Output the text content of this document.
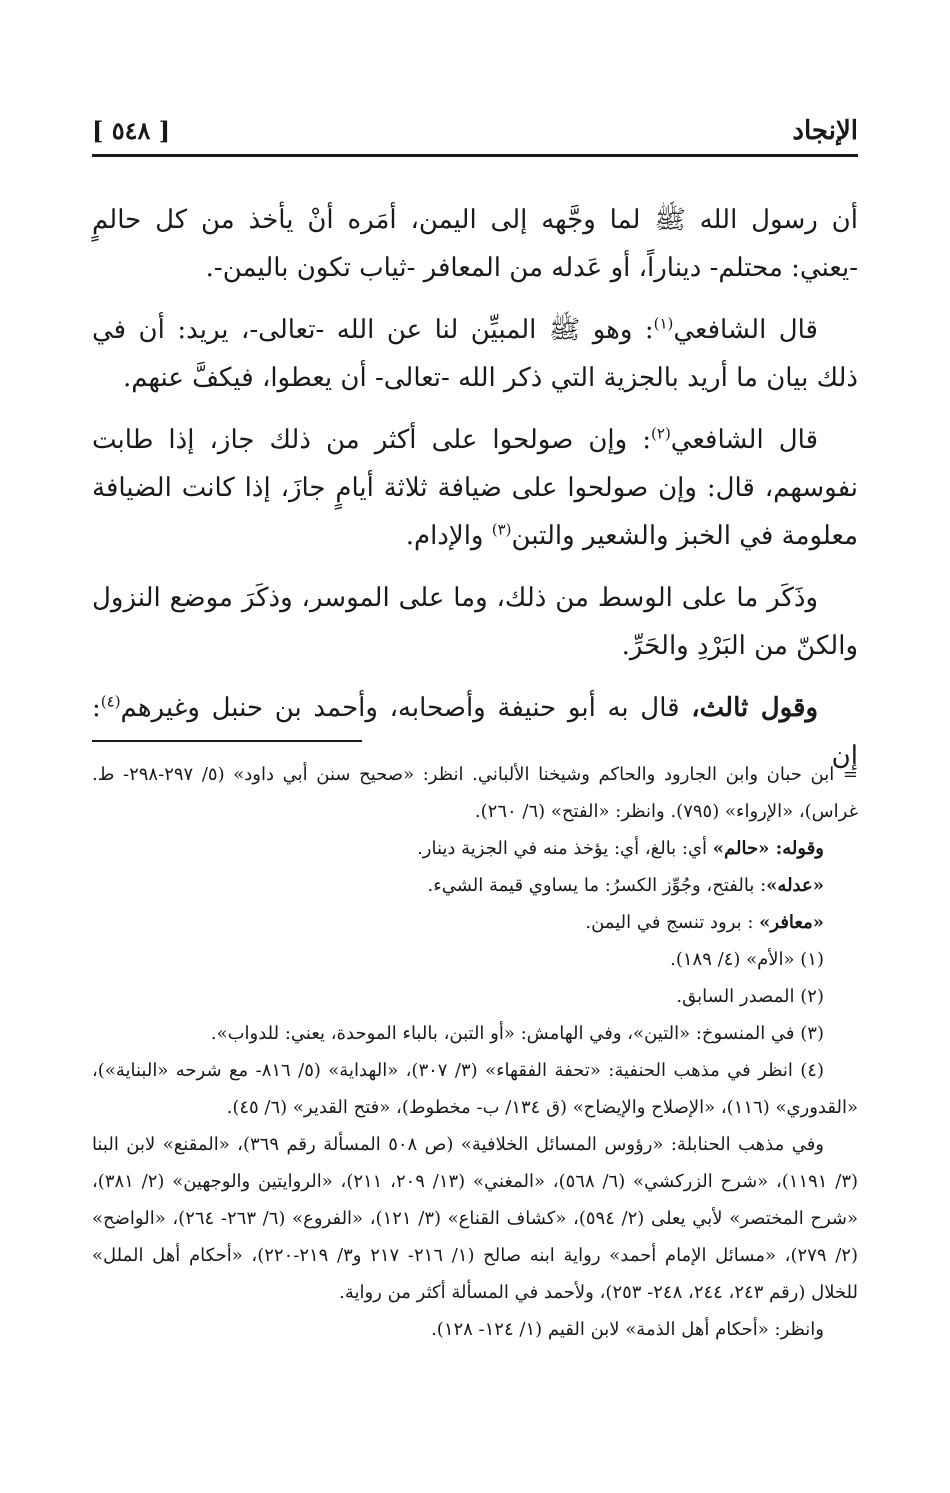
الإنجاد
[ ٥٤٨ ]

أن رسول الله ﷺ لما وجَّهه إلى اليمن، أمَره أنْ يأخذ من كل حالمٍ -يعني: محتلم- ديناراً، أو عَدله من المعافر -ثياب تكون باليمن-.

قال الشافعي$^{(١)}$: وهو ﷺ المبيِّن لنا عن الله -تعالى-، يريد: أن في ذلك بيان ما أريد بالجزية التي ذكر الله -تعالى- أن يعطوا، فيكفَّ عنهم.

قال الشافعي$^{(٢)}$: وإن صولحوا على أكثر من ذلك جاز، إذا طابت نفوسهم، قال: وإن صولحوا على ضيافة ثلاثة أيامٍ جازَ، إذا كانت الضيافة معلومة في الخبز والشعير والتبن$^{(٣)}$ والإدام.

وذَكَر ما على الوسط من ذلك، وما على الموسر، وذكَرَ موضع النزول والكنّ من البَرْدِ والحَرِّ.

وقول ثالث، قال به أبو حنيفة وأصحابه، وأحمد بن حنبل وغيرهم$^{(٤)}$: إن

= ابن حبان وابن الجارود والحاكم وشيخنا الألباني. انظر: «صحيح سنن أبي داود» (٥/ ٢٩٧-٢٩٨- ط. غراس)، «الإرواء» (٧٩٥). وانظر: «الفتح» (٦/ ٢٦٠).

وقوله: «حالم» أي: بالغ، أي: يؤخذ منه في الجزية دينار.

«عدله»: بالفتح، وجُوِّز الكسرُ: ما يساوي قيمة الشيء.

«معافر» : برود تنسج في اليمن.

(١) «الأم» (٤/ ١٨٩).

(٢) المصدر السابق.

(٣) في المنسوخ: «التين»، وفي الهامش: «أو التبن، بالباء الموحدة، يعني: للدواب».

(٤) انظر في مذهب الحنفية: «تحفة الفقهاء» (٣/ ٣٠٧)، «الهداية» (٥/ ٨١٦- مع شرحه «البناية»)، «القدوري» (١١٦)، «الإصلاح والإيضاح» (ق ١٣٤/ ب- مخطوط)، «فتح القدير» (٦/ ٤٥).

وفي مذهب الحنابلة: «رؤوس المسائل الخلافية» (ص ٥٠٨ المسألة رقم ٣٦٩)، «المقنع» لابن البنا (٣/ ١١٩١)، «شرح الزركشي» (٦/ ٥٦٨)، «المغني» (١٣/ ٢٠٩، ٢١١)، «الروايتين والوجهين» (٢/ ٣٨١)، «شرح المختصر» لأبي يعلى (٢/ ٥٩٤)، «كشاف القناع» (٣/ ١٢١)، «الفروع» (٦/ ٢٦٣- ٢٦٤)، «الواضح» (٢/ ٢٧٩)، «مسائل الإمام أحمد» رواية ابنه صالح (١/ ٢١٦- ٢١٧ و٣/ ٢١٩-٢٢٠)، «أحكام أهل الملل» للخلال (رقم ٢٤٣، ٢٤٤، ٢٤٨- ٢٥٣)، ولأحمد في المسألة أكثر من رواية.

وانظر: «أحكام أهل الذمة» لابن القيم (١/ ١٢٤- ١٢٨).
